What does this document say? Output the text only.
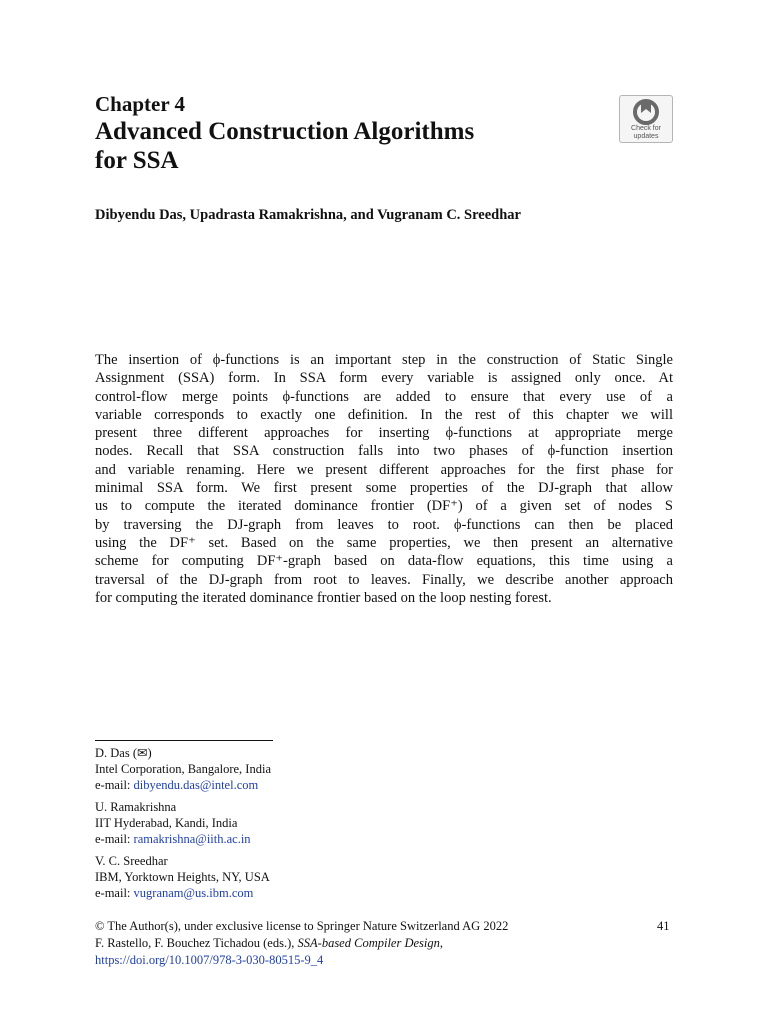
Chapter 4
Advanced Construction Algorithms
for SSA
Check for
updates
Dibyendu Das, Upadrasta Ramakrishna, and Vugranam C. Sreedhar
The insertion of ϕ-functions is an important step in the construction of Static Single
Assignment (SSA) form. In SSA form every variable is assigned only once. At
control-flow merge points ϕ-functions are added to ensure that every use of a
variable corresponds to exactly one definition. In the rest of this chapter we will
present three different approaches for inserting ϕ-functions at appropriate merge
nodes. Recall that SSA construction falls into two phases of ϕ-function insertion
and variable renaming. Here we present different approaches for the first phase for
minimal SSA form. We first present some properties of the DJ-graph that allow
us to compute the iterated dominance frontier (DF⁺) of a given set of nodes S
by traversing the DJ-graph from leaves to root. ϕ-functions can then be placed
using the DF⁺ set. Based on the same properties, we then present an alternative
scheme for computing DF⁺-graph based on data-flow equations, this time using a
traversal of the DJ-graph from root to leaves. Finally, we describe another approach
for computing the iterated dominance frontier based on the loop nesting forest.
D. Das (✉)
Intel Corporation, Bangalore, India
e-mail: dibyendu.das@intel.com
U. Ramakrishna
IIT Hyderabad, Kandi, India
e-mail: ramakrishna@iith.ac.in
V. C. Sreedhar
IBM, Yorktown Heights, NY, USA
e-mail: vugranam@us.ibm.com
© The Author(s), under exclusive license to Springer Nature Switzerland AG 2022	41
F. Rastello, F. Bouchez Tichadou (eds.), SSA-based Compiler Design,
https://doi.org/10.1007/978-3-030-80515-9_4
